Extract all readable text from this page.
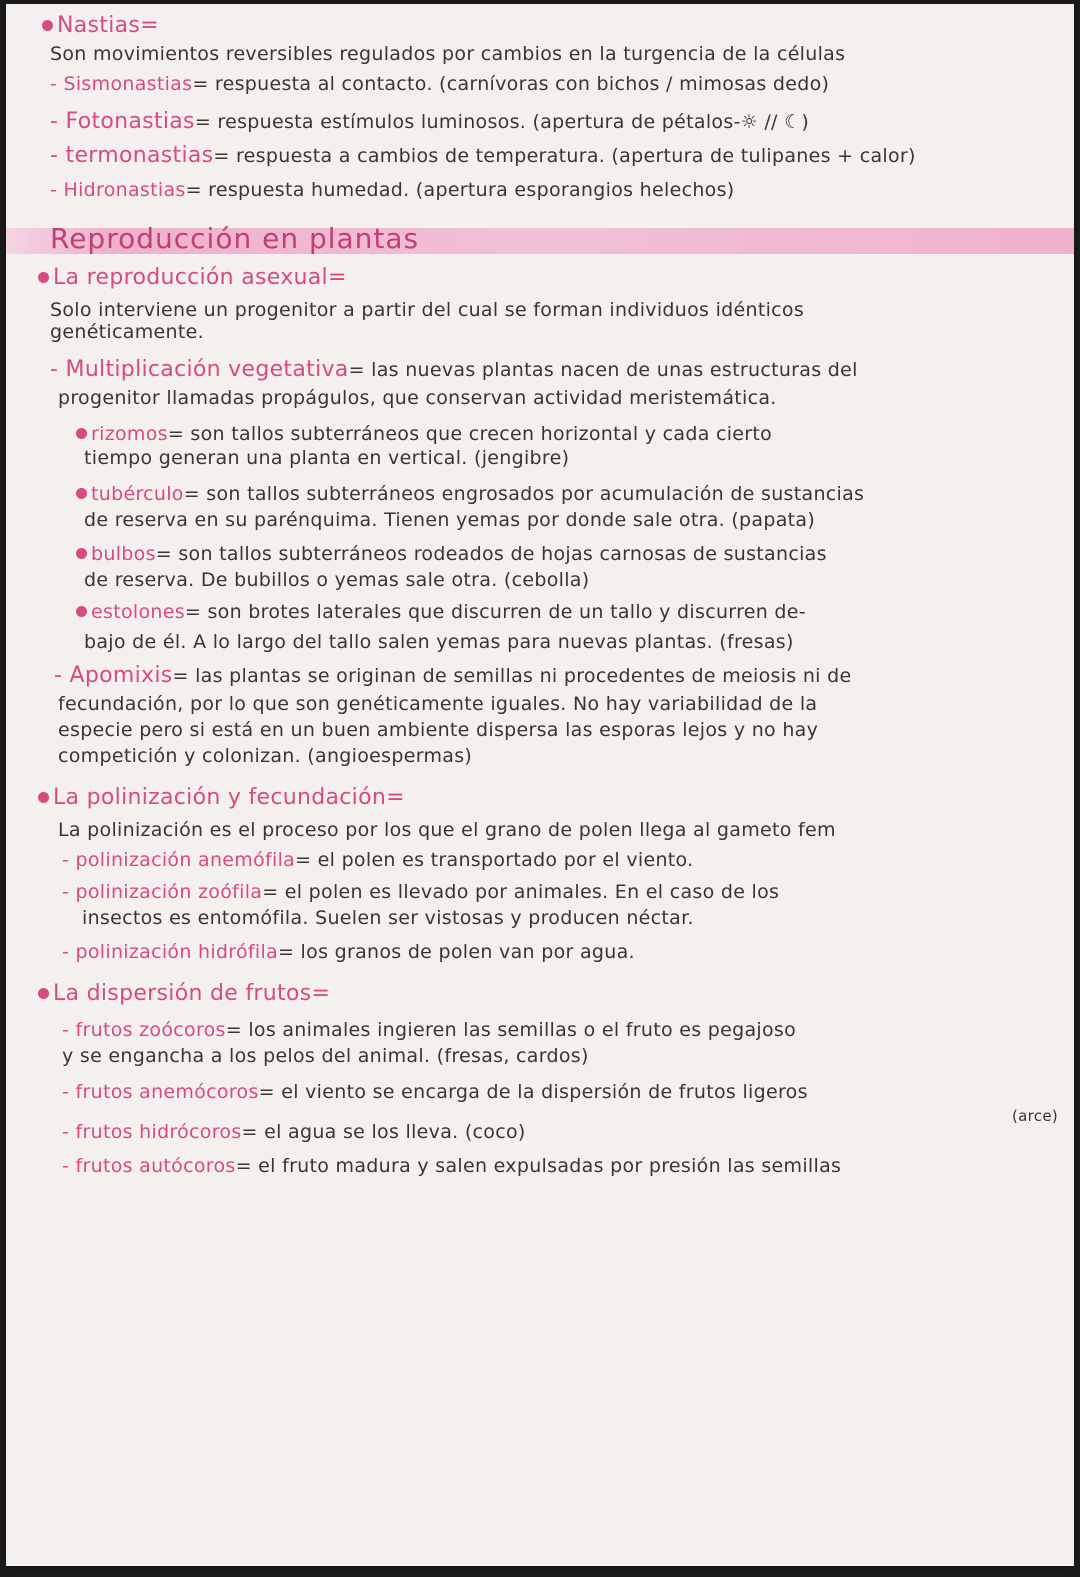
Nastias=
Son movimientos reversibles regulados por cambios en la turgencia de la células
- Sismonastias= respuesta al contacto. (carnívoras con bichos / mimosas dedo)
- Fotonastias= respuesta estímulos luminosos. (apertura de pétalos-☼ // ☾)
- termonastias= respuesta a cambios de temperatura. (apertura de tulipanes + calor)
- Hidronastias= respuesta humedad. (apertura esporangios helechos)
Reproducción en plantas
La reproducción asexual=
Solo interviene un progenitor a partir del cual se forman individuos idénticos
genéticamente.
- Multiplicación vegetativa= las nuevas plantas nacen de unas estructuras del
progenitor llamadas propágulos, que conservan actividad meristemática.
rizomos= son tallos subterráneos que crecen horizontal y cada cierto
tiempo generan una planta en vertical. (jengibre)
tubérculo= son tallos subterráneos engrosados por acumulación de sustancias
de reserva en su parénquima. Tienen yemas por donde sale otra. (papata)
bulbos= son tallos subterráneos rodeados de hojas carnosas de sustancias
de reserva. De bubillos o yemas sale otra. (cebolla)
estolones= son brotes laterales que discurren de un tallo y discurren de-
bajo de él. A lo largo del tallo salen yemas para nuevas plantas. (fresas)
- Apomixis= las plantas se originan de semillas ni procedentes de meiosis ni de
fecundación, por lo que son genéticamente iguales. No hay variabilidad de la
especie pero si está en un buen ambiente dispersa las esporas lejos y no hay
competición y colonizan. (angioespermas)
La polinización y fecundación=
La polinización es el proceso por los que el grano de polen llega al gameto fem
- polinización anemófila= el polen es transportado por el viento.
- polinización zoófila= el polen es llevado por animales. En el caso de los
insectos es entomófila. Suelen ser vistosas y producen néctar.
- polinización hidrófila= los granos de polen van por agua.
La dispersión de frutos=
- frutos zoócoros= los animales ingieren las semillas o el fruto es pegajoso
y se engancha a los pelos del animal. (fresas, cardos)
- frutos anemócoros= el viento se encarga de la dispersión de frutos ligeros
(arce)
- frutos hidrócoros= el agua se los lleva. (coco)
- frutos autócoros= el fruto madura y salen expulsadas por presión las semillas
